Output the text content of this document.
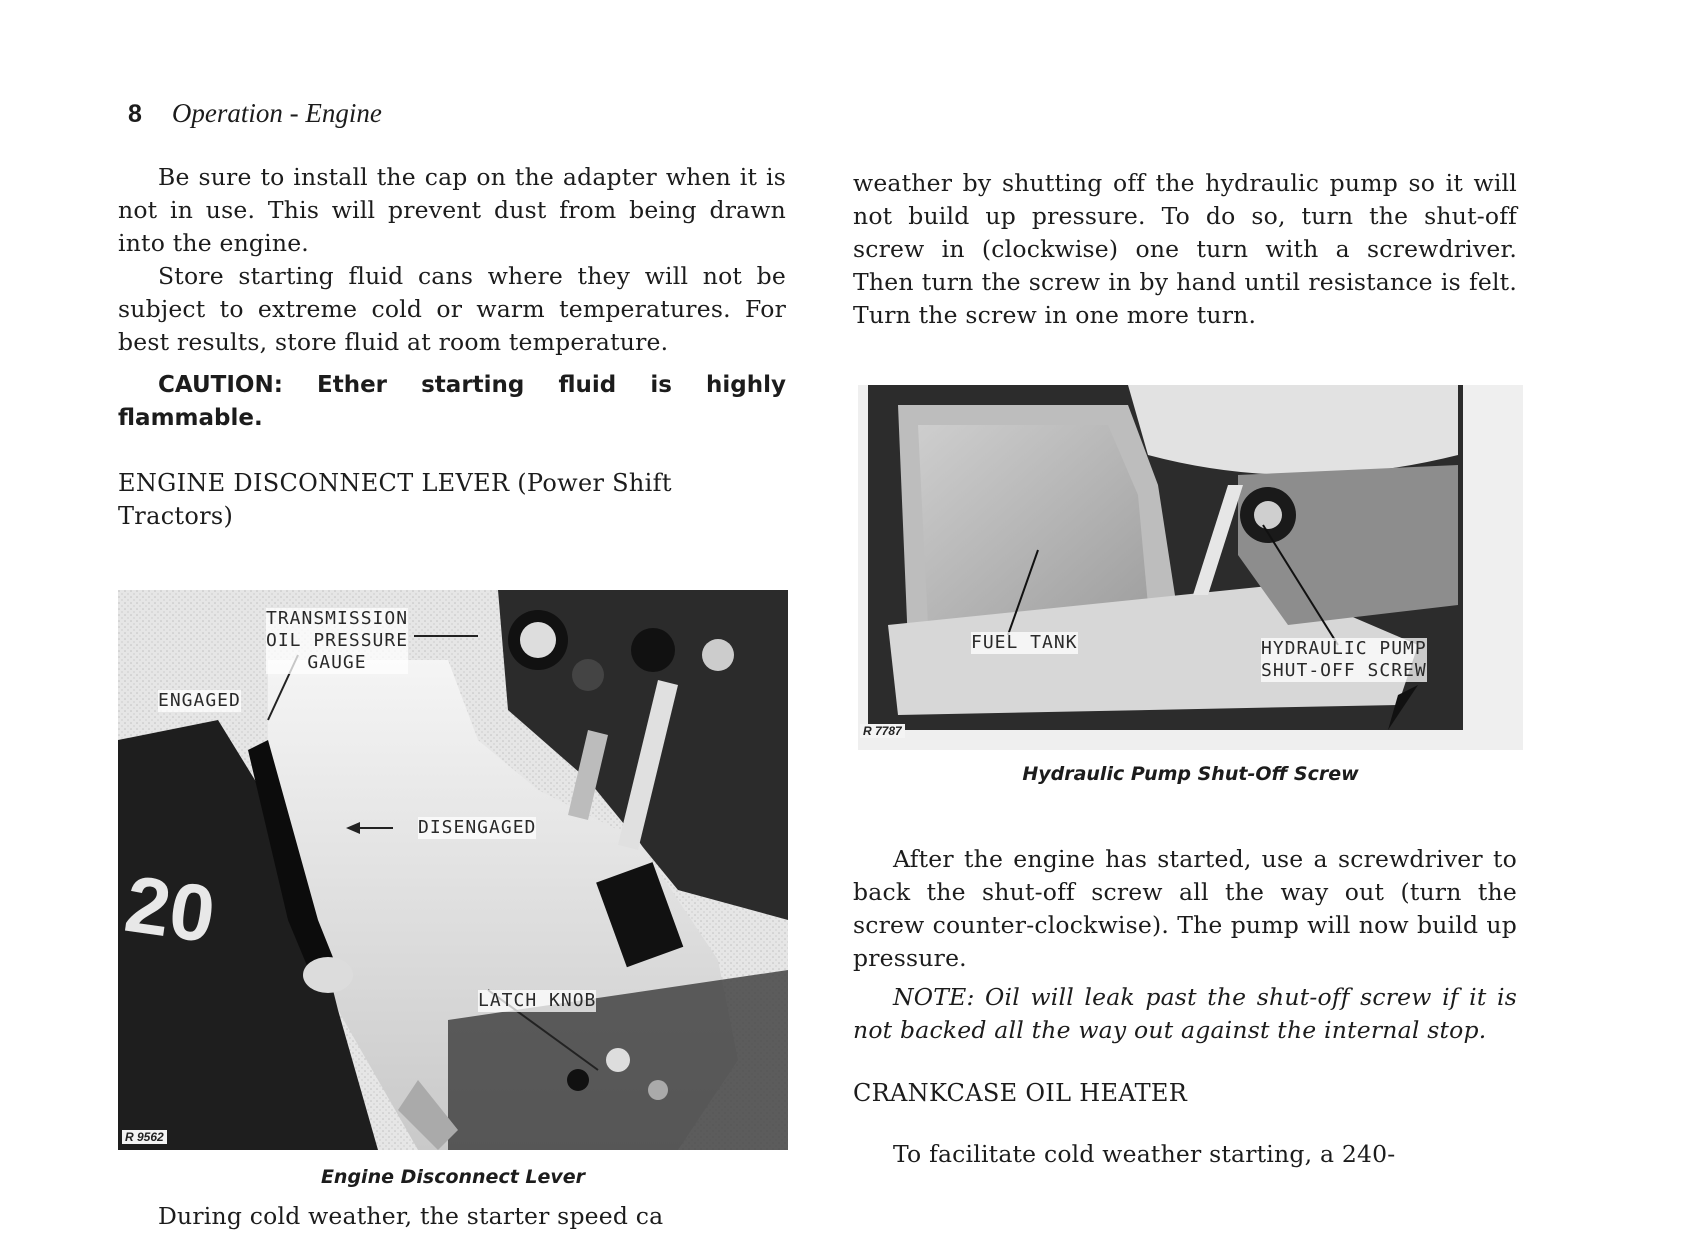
8 Operation - Engine

Be sure to install the cap on the adapter when it is not in use. This will prevent dust from being drawn into the engine.

Store starting fluid cans where they will not be subject to extreme cold or warm temperatures. For best results, store fluid at room temperature.

CAUTION: Ether starting fluid is highly flammable.

ENGINE DISCONNECT LEVER (Power Shift Tractors)

20
TRANSMISSION
OIL PRESSURE
GAUGE
ENGAGED
DISENGAGED
LATCH KNOB
R 9562
Engine Disconnect Lever
During cold weather, the starter speed ca

weather by shutting off the hydraulic pump so it will not build up pressure. To do so, turn the shut-off screw in (clockwise) one turn with a screwdriver. Then turn the screw in by hand until resistance is felt. Turn the screw in one more turn.

FUEL TANK	HYDRAULIC PUMP
SHUT-OFF SCREW
R 7787
Hydraulic Pump Shut-Off Screw

After the engine has started, use a screwdriver to back the shut-off screw all the way out (turn the screw counter-clockwise). The pump will now build up pressure.

NOTE: Oil will leak past the shut-off screw if it is not backed all the way out against the internal stop.

CRANKCASE OIL HEATER

To facilitate cold weather starting, a 240-
